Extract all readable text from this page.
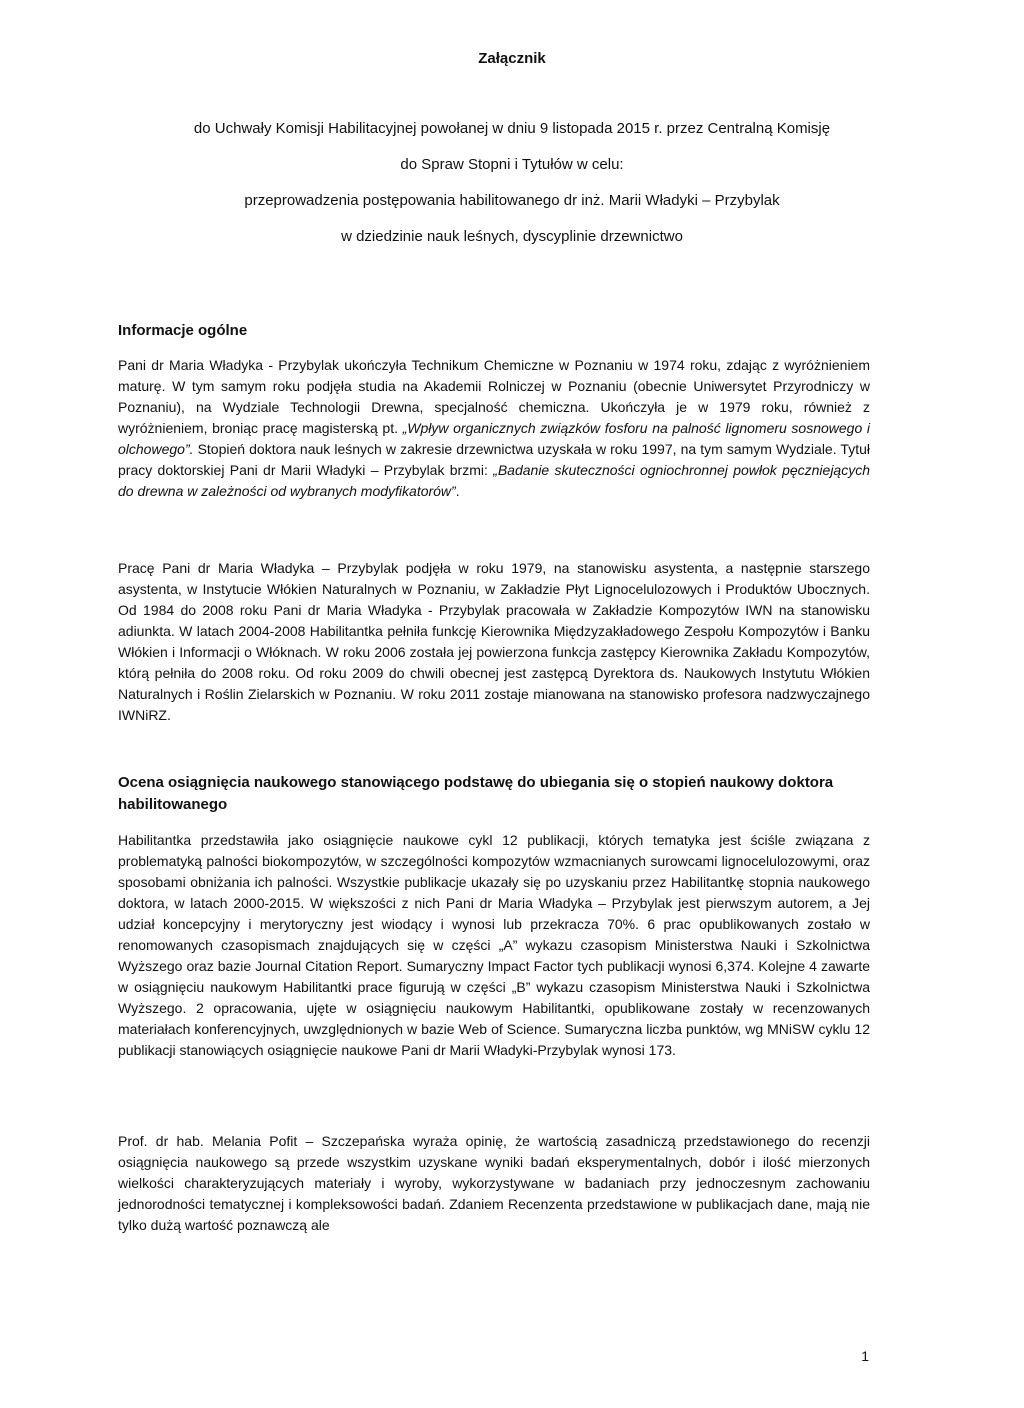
Załącznik
do Uchwały Komisji Habilitacyjnej powołanej w dniu 9 listopada 2015 r. przez Centralną Komisję
do Spraw Stopni i Tytułów w celu:
przeprowadzenia postępowania habilitowanego dr inż. Marii Władyki – Przybylak
w dziedzinie nauk leśnych, dyscyplinie drzewnictwo
Informacje ogólne

Pani dr Maria Władyka - Przybylak ukończyła Technikum Chemiczne w Poznaniu w 1974 roku, zdając z wyróżnieniem maturę. W tym samym roku podjęła studia na Akademii Rolniczej w Poznaniu (obecnie Uniwersytet Przyrodniczy w Poznaniu), na Wydziale Technologii Drewna, specjalność chemiczna. Ukończyła je w 1979 roku, również z wyróżnieniem, broniąc pracę magisterską pt. „Wpływ organicznych związków fosforu na palność lignomeru sosnowego i olchowego”. Stopień doktora nauk leśnych w zakresie drzewnictwa uzyskała w roku 1997, na tym samym Wydziale. Tytuł pracy doktorskiej Pani dr Marii Władyki – Przybylak brzmi: „Badanie skuteczności ogniochronnej powłok pęczniejących do drewna w zależności od wybranych modyfikatorów”.

Pracę Pani dr Maria Władyka – Przybylak podjęła w roku 1979, na stanowisku asystenta, a następnie starszego asystenta, w Instytucie Włókien Naturalnych w Poznaniu, w Zakładzie Płyt Lignocelulozowych i Produktów Ubocznych. Od 1984 do 2008 roku Pani dr Maria Władyka - Przybylak pracowała w Zakładzie Kompozytów IWN na stanowisku adiunkta. W latach 2004-2008 Habilitantka pełniła funkcję Kierownika Międzyzakładowego Zespołu Kompozytów i Banku Włókien i Informacji o Włóknach. W roku 2006 została jej powierzona funkcja zastępcy Kierownika Zakładu Kompozytów, którą pełniła do 2008 roku. Od roku 2009 do chwili obecnej jest zastępcą Dyrektora ds. Naukowych Instytutu Włókien Naturalnych i Roślin Zielarskich w Poznaniu. W roku 2011 zostaje mianowana na stanowisko profesora nadzwyczajnego IWNiRZ.

Ocena osiągnięcia naukowego stanowiącego podstawę do ubiegania się o stopień naukowy doktora habilitowanego

Habilitantka przedstawiła jako osiągnięcie naukowe cykl 12 publikacji, których tematyka jest ściśle związana z problematyką palności biokompozytów, w szczególności kompozytów wzmacnianych surowcami lignocelulozowymi, oraz sposobami obniżania ich palności. Wszystkie publikacje ukazały się po uzyskaniu przez Habilitantkę stopnia naukowego doktora, w latach 2000-2015. W większości z nich Pani dr Maria Władyka – Przybylak jest pierwszym autorem, a Jej udział koncepcyjny i merytoryczny jest wiodący i wynosi lub przekracza 70%. 6 prac opublikowanych zostało w renomowanych czasopismach znajdujących się w części „A” wykazu czasopism Ministerstwa Nauki i Szkolnictwa Wyższego oraz bazie Journal Citation Report. Sumaryczny Impact Factor tych publikacji wynosi 6,374. Kolejne 4 zawarte w osiągnięciu naukowym Habilitantki prace figurują w części „B” wykazu czasopism Ministerstwa Nauki i Szkolnictwa Wyższego. 2 opracowania, ujęte w osiągnięciu naukowym Habilitantki, opublikowane zostały w recenzowanych materiałach konferencyjnych, uwzględnionych w bazie Web of Science. Sumaryczna liczba punktów, wg MNiSW cyklu 12 publikacji stanowiących osiągnięcie naukowe Pani dr Marii Władyki-Przybylak wynosi 173.

Prof. dr hab. Melania Pofit – Szczepańska wyraża opinię, że wartością zasadniczą przedstawionego do recenzji osiągnięcia naukowego są przede wszystkim uzyskane wyniki badań eksperymentalnych, dobór i ilość mierzonych wielkości charakteryzujących materiały i wyroby, wykorzystywane w badaniach przy jednoczesnym zachowaniu jednorodności tematycznej i kompleksowości badań. Zdaniem Recenzenta przedstawione w publikacjach dane, mają nie tylko dużą wartość poznawczą ale

1
